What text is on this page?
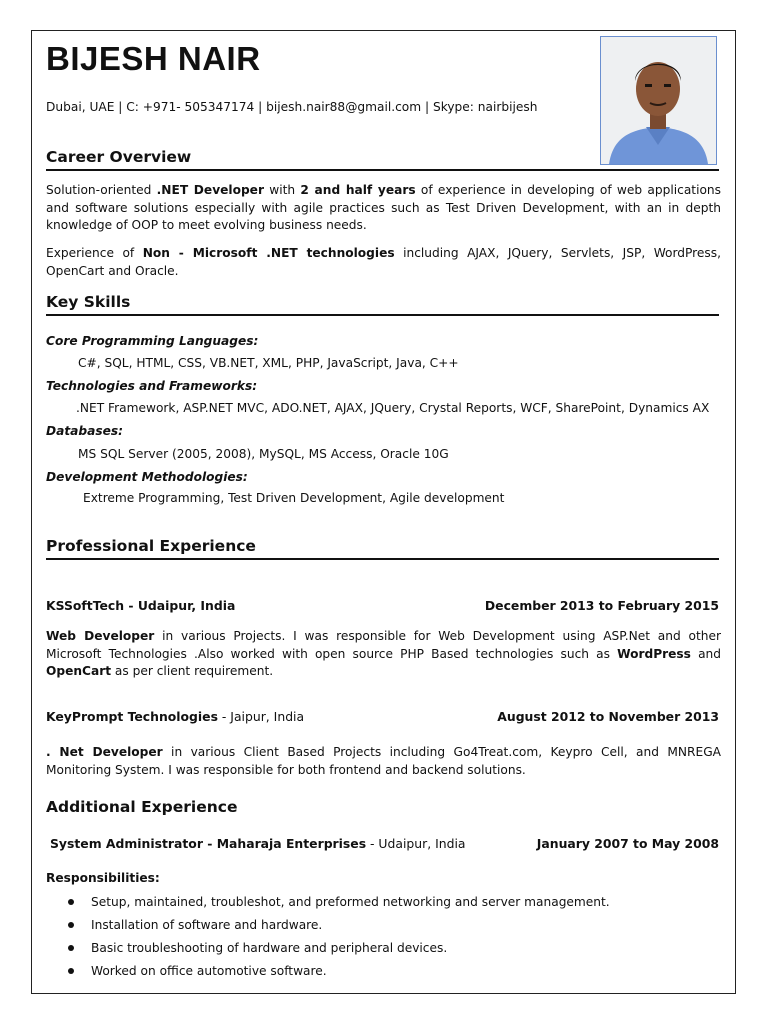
BIJESH NAIR
Dubai, UAE | C: +971- 505347174 | bijesh.nair88@gmail.com | Skype: nairbijesh
Career Overview
Solution-oriented .NET Developer with 2 and half years of experience in developing of web applications and software solutions especially with agile practices such as Test Driven Development, with an in depth knowledge of OOP to meet evolving business needs.
Experience of Non - Microsoft .NET technologies including AJAX, JQuery, Servlets, JSP, WordPress, OpenCart and Oracle.
Key Skills
Core Programming Languages:
C#, SQL, HTML, CSS, VB.NET, XML, PHP, JavaScript, Java, C++
Technologies and Frameworks:
.NET Framework, ASP.NET MVC, ADO.NET, AJAX, JQuery, Crystal Reports, WCF, SharePoint, Dynamics AX
Databases:
MS SQL Server (2005, 2008), MySQL, MS Access, Oracle 10G
Development Methodologies:
Extreme Programming, Test Driven Development, Agile development
Professional Experience
KSSoftTech - Udaipur, India	December 2013 to February 2015
Web Developer in various Projects. I was responsible for Web Development using ASP.Net and other Microsoft Technologies .Also worked with open source PHP Based technologies such as WordPress and OpenCart as per client requirement.
KeyPrompt Technologies - Jaipur, India	August 2012 to November 2013
. Net Developer in various Client Based Projects including Go4Treat.com, Keypro Cell, and MNREGA Monitoring System. I was responsible for both frontend and backend solutions.
Additional Experience
System Administrator - Maharaja Enterprises - Udaipur, India	January 2007 to May 2008
Responsibilities:
Setup, maintained, troubleshot, and preformed networking and server management.
Installation of software and hardware.
Basic troubleshooting of hardware and peripheral devices.
Worked on office automotive software.
